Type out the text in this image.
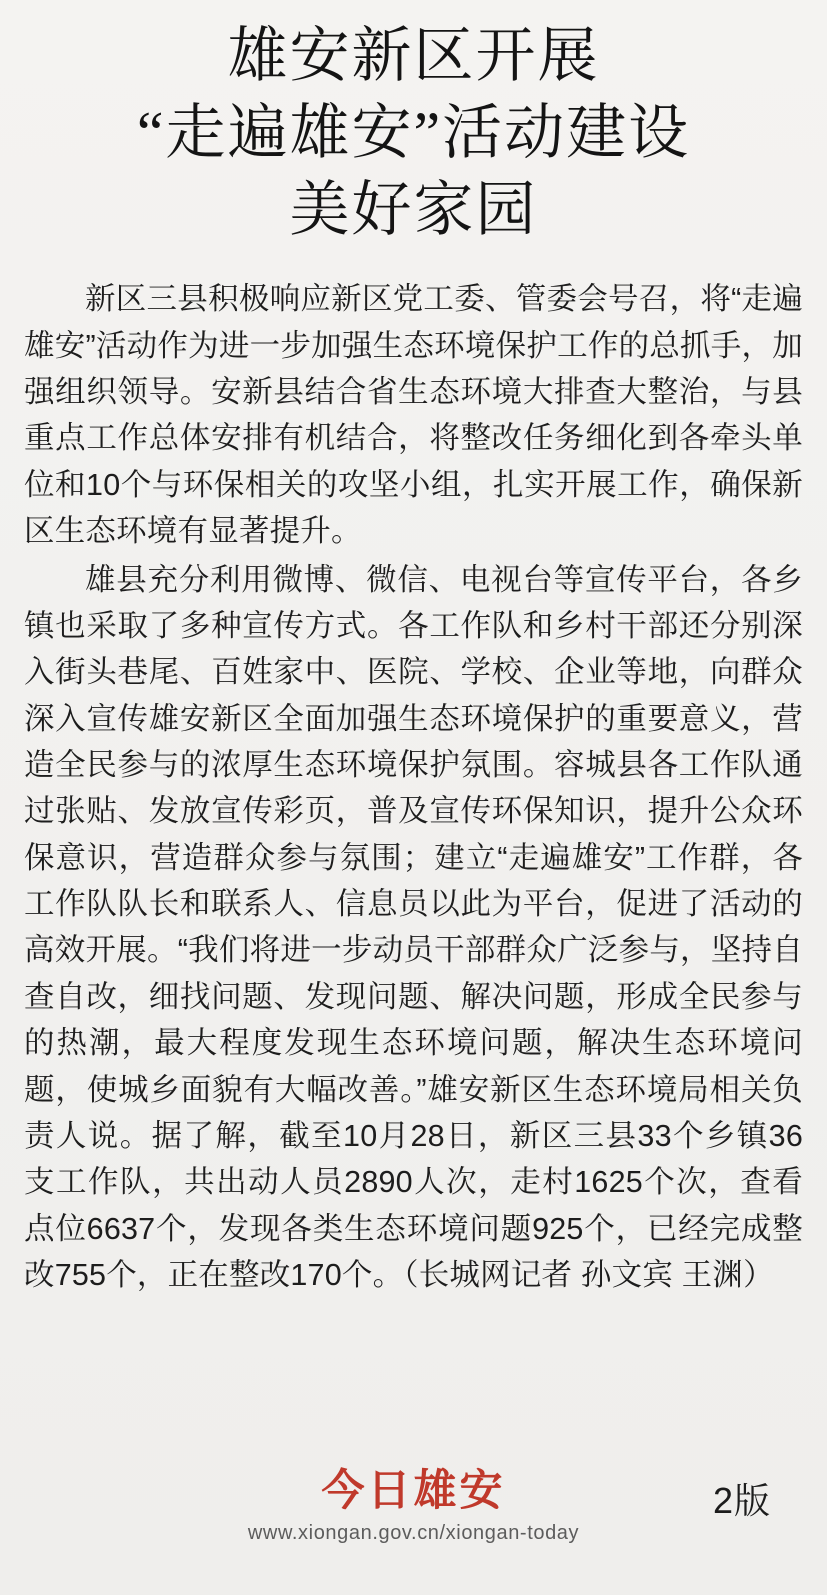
雄安新区开展
“走遍雄安”活动建设
美好家园

新区三县积极响应新区党工委、管委会号召，将“走遍雄安”活动作为进一步加强生态环境保护工作的总抓手，加强组织领导。安新县结合省生态环境大排查大整治，与县重点工作总体安排有机结合，将整改任务细化到各牵头单位和10个与环保相关的攻坚小组，扎实开展工作，确保新区生态环境有显著提升。

雄县充分利用微博、微信、电视台等宣传平台，各乡镇也采取了多种宣传方式。各工作队和乡村干部还分别深入街头巷尾、百姓家中、医院、学校、企业等地，向群众深入宣传雄安新区全面加强生态环境保护的重要意义，营造全民参与的浓厚生态环境保护氛围。容城县各工作队通过张贴、发放宣传彩页，普及宣传环保知识，提升公众环保意识，营造群众参与氛围；建立“走遍雄安”工作群，各工作队队长和联系人、信息员以此为平台，促进了活动的高效开展。“我们将进一步动员干部群众广泛参与，坚持自查自改，细找问题、发现问题、解决问题，形成全民参与的热潮，最大程度发现生态环境问题，解决生态环境问题，使城乡面貌有大幅改善。”雄安新区生态环境局相关负责人说。据了解，截至10月28日，新区三县33个乡镇36支工作队，共出动人员2890人次，走村1625个次，查看点位6637个，发现各类生态环境问题925个，已经完成整改755个，正在整改170个。（长城网记者 孙文宾 王渊）

今日雄安
www.xiongan.gov.cn/xiongan-today
2版
